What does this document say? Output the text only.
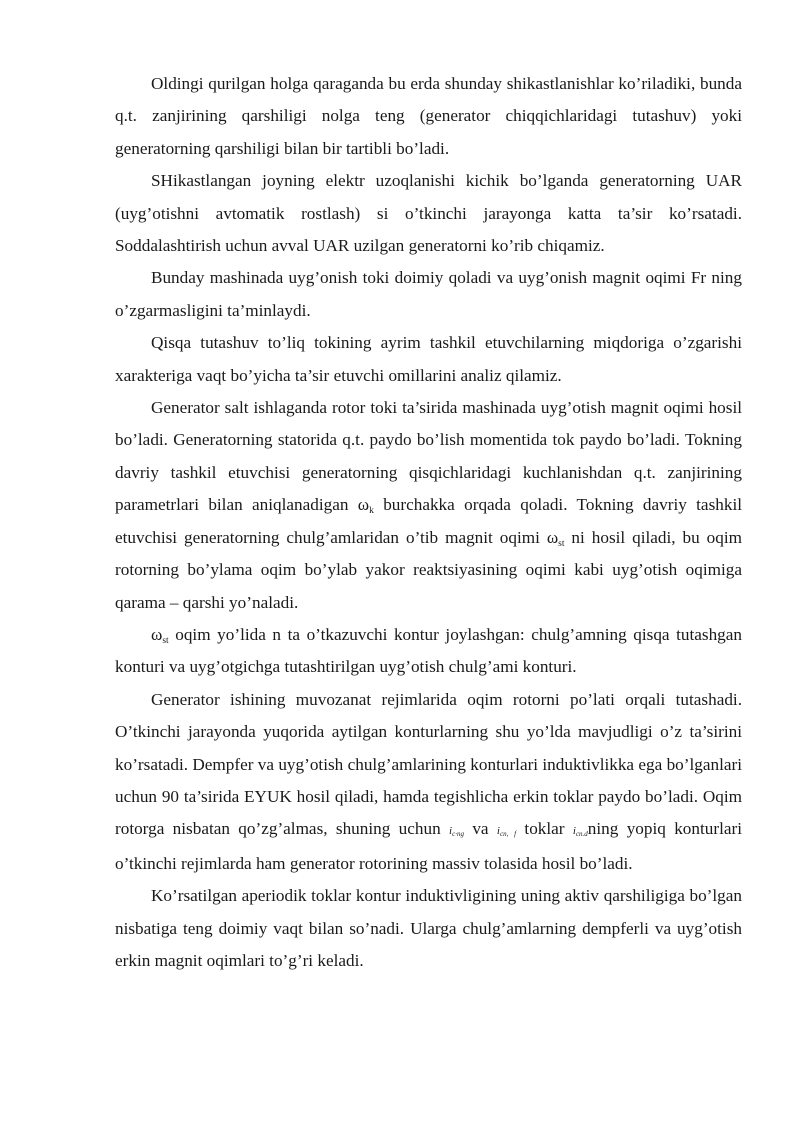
Oldingi qurilgan holga qaraganda bu erda shunday shikastlanishlar ko’riladiki, bunda q.t. zanjirining qarshiligi nolga teng (generator chiqqichlaridagi tutashuv) yoki generatorning qarshiligi bilan bir tartibli bo’ladi.

SHikastlangan joyning elektr uzoqlanishi kichik bo’lganda generatorning UAR (uyg’otishni avtomatik rostlash) si o’tkinchi jarayonga katta ta’sir ko’rsatadi. Soddalashtirish uchun avval UAR uzilgan generatorni ko’rib chiqamiz.

Bunday mashinada uyg’onish toki doimiy qoladi va uyg’onish magnit oqimi Fr ning o’zgarmasligini ta’minlaydi.

Qisqa tutashuv to’liq tokining ayrim tashkil etuvchilarning miqdoriga o’zgarishi xarakteriga vaqt bo’yicha ta’sir etuvchi omillarini analiz qilamiz.

Generator salt ishlaganda rotor toki ta’sirida mashinada uyg’otish magnit oqimi hosil bo’ladi. Generatorning statorida q.t. paydo bo’lish momentida tok paydo bo’ladi. Tokning davriy tashkil etuvchisi generatorning qisqichlaridagi kuchlanishdan q.t. zanjirining parametrlari bilan aniqlanadigan $\omega_k$ burchakka orqada qoladi. Tokning davriy tashkil etuvchisi generatorning chulg’amlaridan o’tib magnit oqimi $\omega_{st}$ ni hosil qiladi, bu oqim rotorning bo’ylama oqim bo’ylab yakor reaktsiyasining oqimi kabi uyg’otish oqimiga qarama – qarshi yo’naladi.

$\omega_{st}$ oqim yo’lida n ta o’tkazuvchi kontur joylashgan: chulg’amning qisqa tutashgan konturi va uyg’otgichga tutashtirilgan uyg’otish chulg’ami konturi.

Generator ishining muvozanat rejimlarida oqim rotorni po’lati orqali tutashadi. O’tkinchi jarayonda yuqorida aytilgan konturlarning shu yo’lda mavjudligi o’z ta’sirini ko’rsatadi. Dempfer va uyg’otish chulg’amlarining konturlari induktivlikka ega bo’lganlari uchun 90 ta’sirida EYUK hosil qiladi, hamda tegishlicha erkin toklar paydo bo’ladi. Oqim rotorga nisbatan qo’zg’almas, shuning uchun ic·ng va icn, f toklar icn.dning yopiq konturlari o’tkinchi rejimlarda ham generator rotorining massiv tolasida hosil bo’ladi.

Ko’rsatilgan aperiodik toklar kontur induktivligining uning aktiv qarshiligiga bo’lgan nisbatiga teng doimiy vaqt bilan so’nadi. Ularga chulg’amlarning dempferli va uyg’otish erkin magnit oqimlari to’g’ri keladi.
